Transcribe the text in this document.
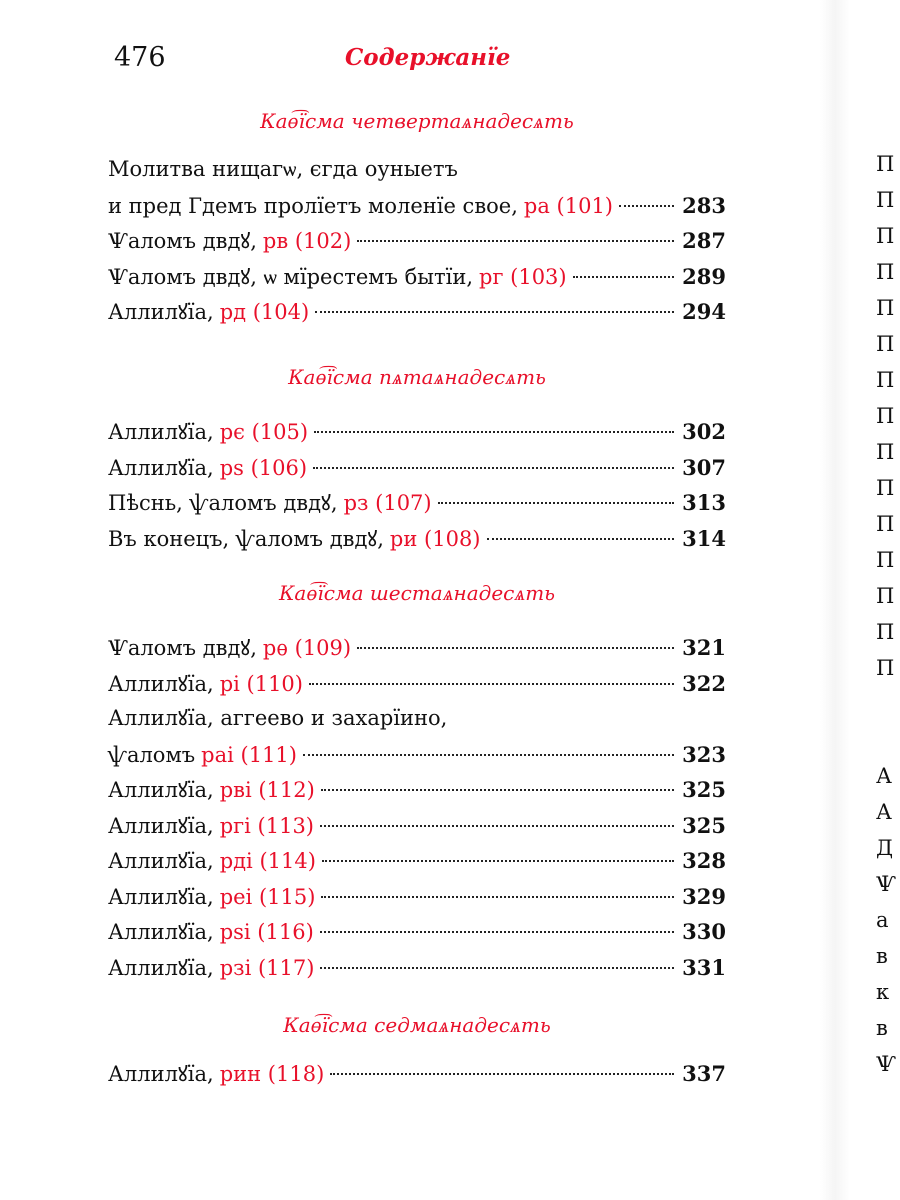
476	Содержанїе
Каѳ͡їсма четвертаѧнадесѧть
Молитва нищагѡ, єгда оуныетъ
и пред Гдемъ пролїетъ моленїе свое, ра (101)	283
Ѱаломъ двдꙋ, рв (102)	287
Ѱаломъ двдꙋ, ѡ мїрестемъ бытїи, рг (103)	289
Аллилꙋїа, рд (104)	294
Каѳ͡їсма пѧтаѧнадесѧть
Аллилꙋїа, рє (105)	302
Аллилꙋїа, рѕ (106)	307
Пѣснь, ѱаломъ двдꙋ, рз (107)	313
Въ конецъ, ѱаломъ двдꙋ, ри (108)	314
Каѳ͡їсма шестаѧнадесѧть
Ѱаломъ двдꙋ, рѳ (109)	321
Аллилꙋїа, рі (110)	322
Аллилꙋїа, аггеево и захарїино,
ѱаломъ раі (111)	323
Аллилꙋїа, рві (112)	325
Аллилꙋїа, ргі (113)	325
Аллилꙋїа, рді (114)	328
Аллилꙋїа, реі (115)	329
Аллилꙋїа, рѕі (116)	330
Аллилꙋїа, рзі (117)	331
Каѳ͡їсма седмаѧнадесѧть
Аллилꙋїа, рин (118)	337
П
П
П
П
П
П
П
П
П
П
П
П
П
П
П
А
А
Д
Ѱ
а
в
к
в
Ѱ
